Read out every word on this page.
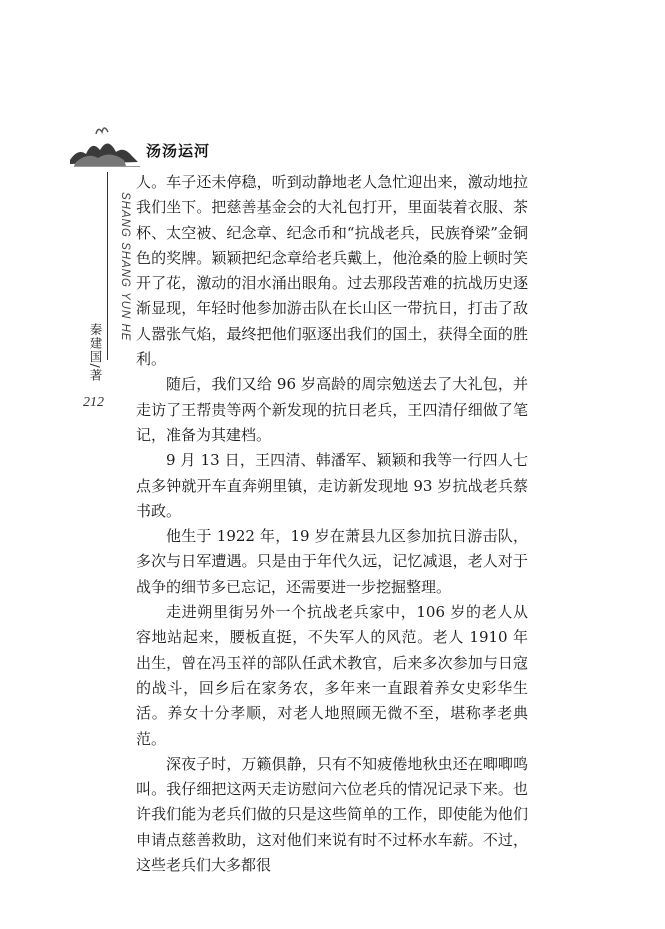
汤汤运河
SHANG SHANG YUN HE
秦建国/著
212

人。车子还未停稳，听到动静地老人急忙迎出来，激动地拉我们坐下。把慈善基金会的大礼包打开，里面装着衣服、茶杯、太空被、纪念章、纪念币和“抗战老兵，民族脊梁”金铜色的奖牌。颖颖把纪念章给老兵戴上，他沧桑的脸上顿时笑开了花，激动的泪水涌出眼角。过去那段苦难的抗战历史逐渐显现，年轻时他参加游击队在长山区一带抗日，打击了敌人嚣张气焰，最终把他们驱逐出我们的国土，获得全面的胜利。

随后，我们又给 96 岁高龄的周宗勉送去了大礼包，并走访了王帮贵等两个新发现的抗日老兵，王四清仔细做了笔记，准备为其建档。

9 月 13 日，王四清、韩潘军、颖颖和我等一行四人七点多钟就开车直奔朔里镇，走访新发现地 93 岁抗战老兵蔡书政。

他生于 1922 年，19 岁在萧县九区参加抗日游击队，多次与日军遭遇。只是由于年代久远，记忆减退，老人对于战争的细节多已忘记，还需要进一步挖掘整理。

走进朔里街另外一个抗战老兵家中，106 岁的老人从容地站起来，腰板直挺，不失军人的风范。老人 1910 年出生，曾在冯玉祥的部队任武术教官，后来多次参加与日寇的战斗，回乡后在家务农，多年来一直跟着养女史彩华生活。养女十分孝顺，对老人地照顾无微不至，堪称孝老典范。

深夜子时，万籁俱静，只有不知疲倦地秋虫还在唧唧鸣叫。我仔细把这两天走访慰问六位老兵的情况记录下来。也许我们能为老兵们做的只是这些简单的工作，即使能为他们申请点慈善救助，这对他们来说有时不过杯水车薪。不过，这些老兵们大多都很
